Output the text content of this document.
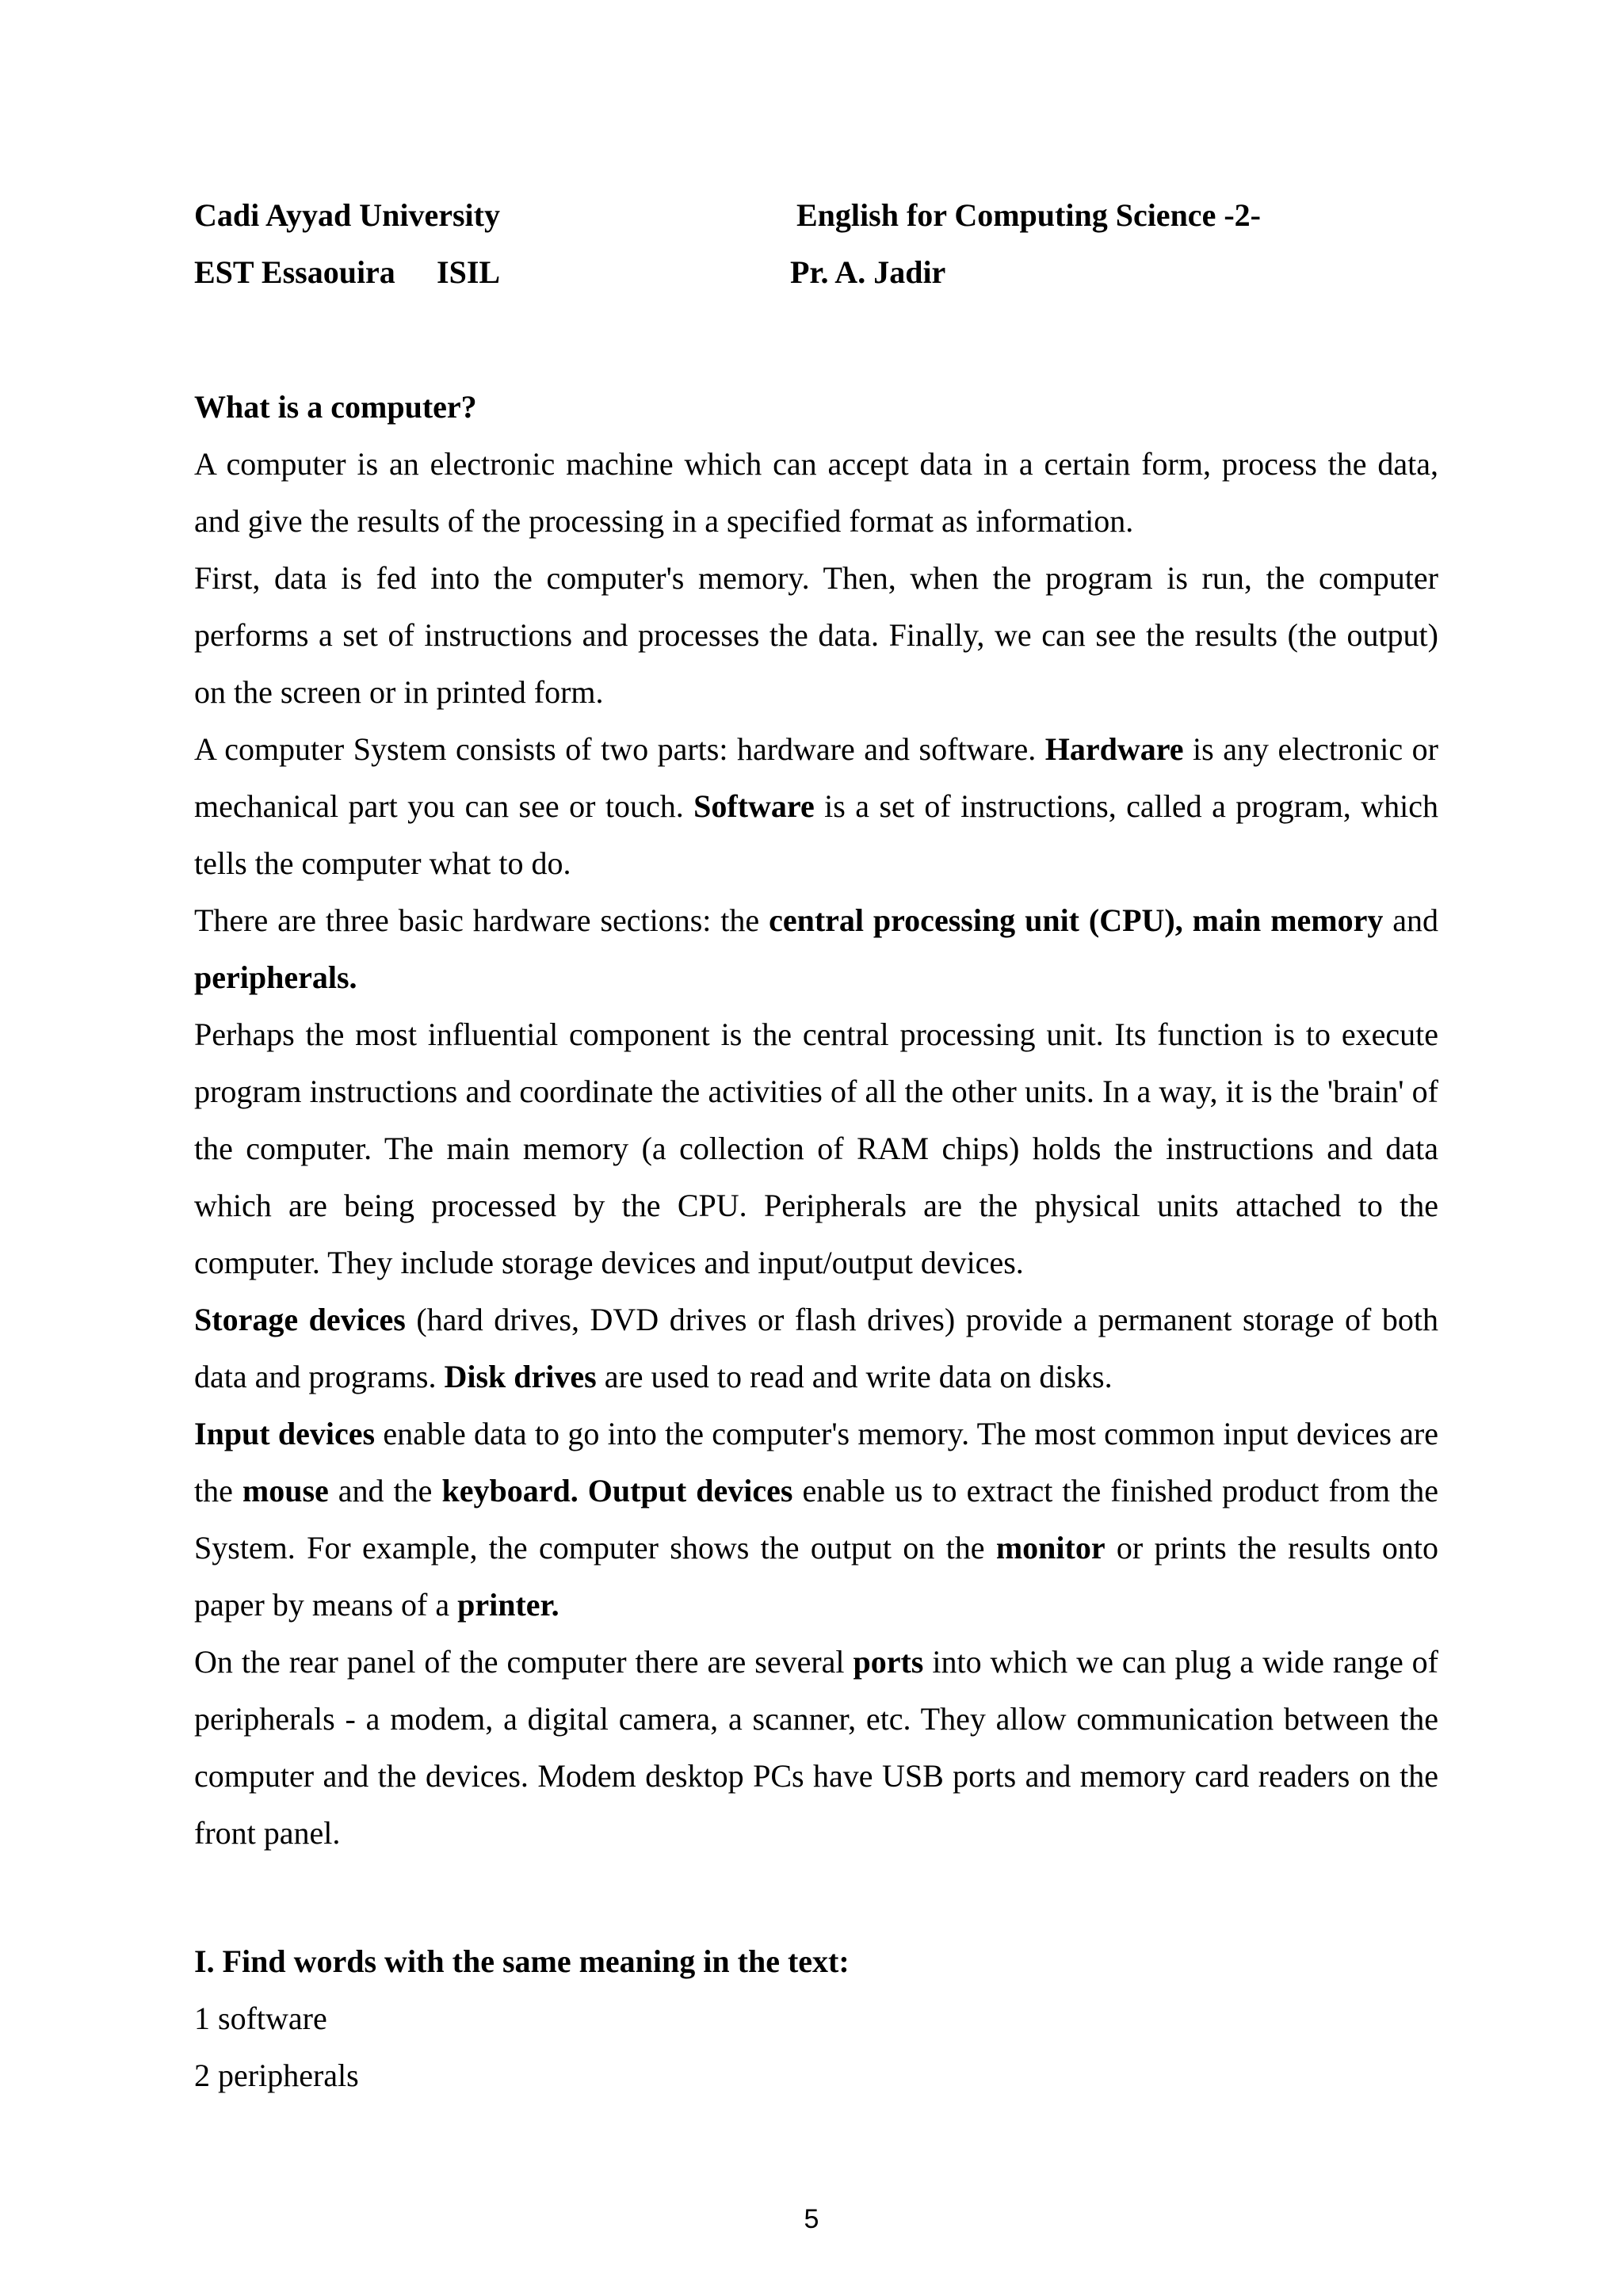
Cadi Ayyad University	English for Computing Science -2-
EST Essaouira ISIL	Pr. A. Jadir

What is a computer?

A computer is an electronic machine which can accept data in a certain form, process the data, and give the results of the processing in a specified format as information.

First, data is fed into the computer's memory. Then, when the program is run, the computer performs a set of instructions and processes the data. Finally, we can see the results (the output) on the screen or in printed form.

A computer System consists of two parts: hardware and software. Hardware is any electronic or mechanical part you can see or touch. Software is a set of instructions, called a program, which tells the computer what to do.

There are three basic hardware sections: the central processing unit (CPU), main memory and peripherals.

Perhaps the most influential component is the central processing unit. Its function is to execute program instructions and coordinate the activities of all the other units. In a way, it is the 'brain' of the computer. The main memory (a collection of RAM chips) holds the instructions and data which are being processed by the CPU. Peripherals are the physical units attached to the computer. They include storage devices and input/output devices.

Storage devices (hard drives, DVD drives or flash drives) provide a permanent storage of both data and programs. Disk drives are used to read and write data on disks.

Input devices enable data to go into the computer's memory. The most common input devices are the mouse and the keyboard. Output devices enable us to extract the finished product from the System. For example, the computer shows the output on the monitor or prints the results onto paper by means of a printer.

On the rear panel of the computer there are several ports into which we can plug a wide range of peripherals - a modem, a digital camera, a scanner, etc. They allow communication between the computer and the devices. Modem desktop PCs have USB ports and memory card readers on the front panel.

I. Find words with the same meaning in the text:

1 software

2 peripherals

5
